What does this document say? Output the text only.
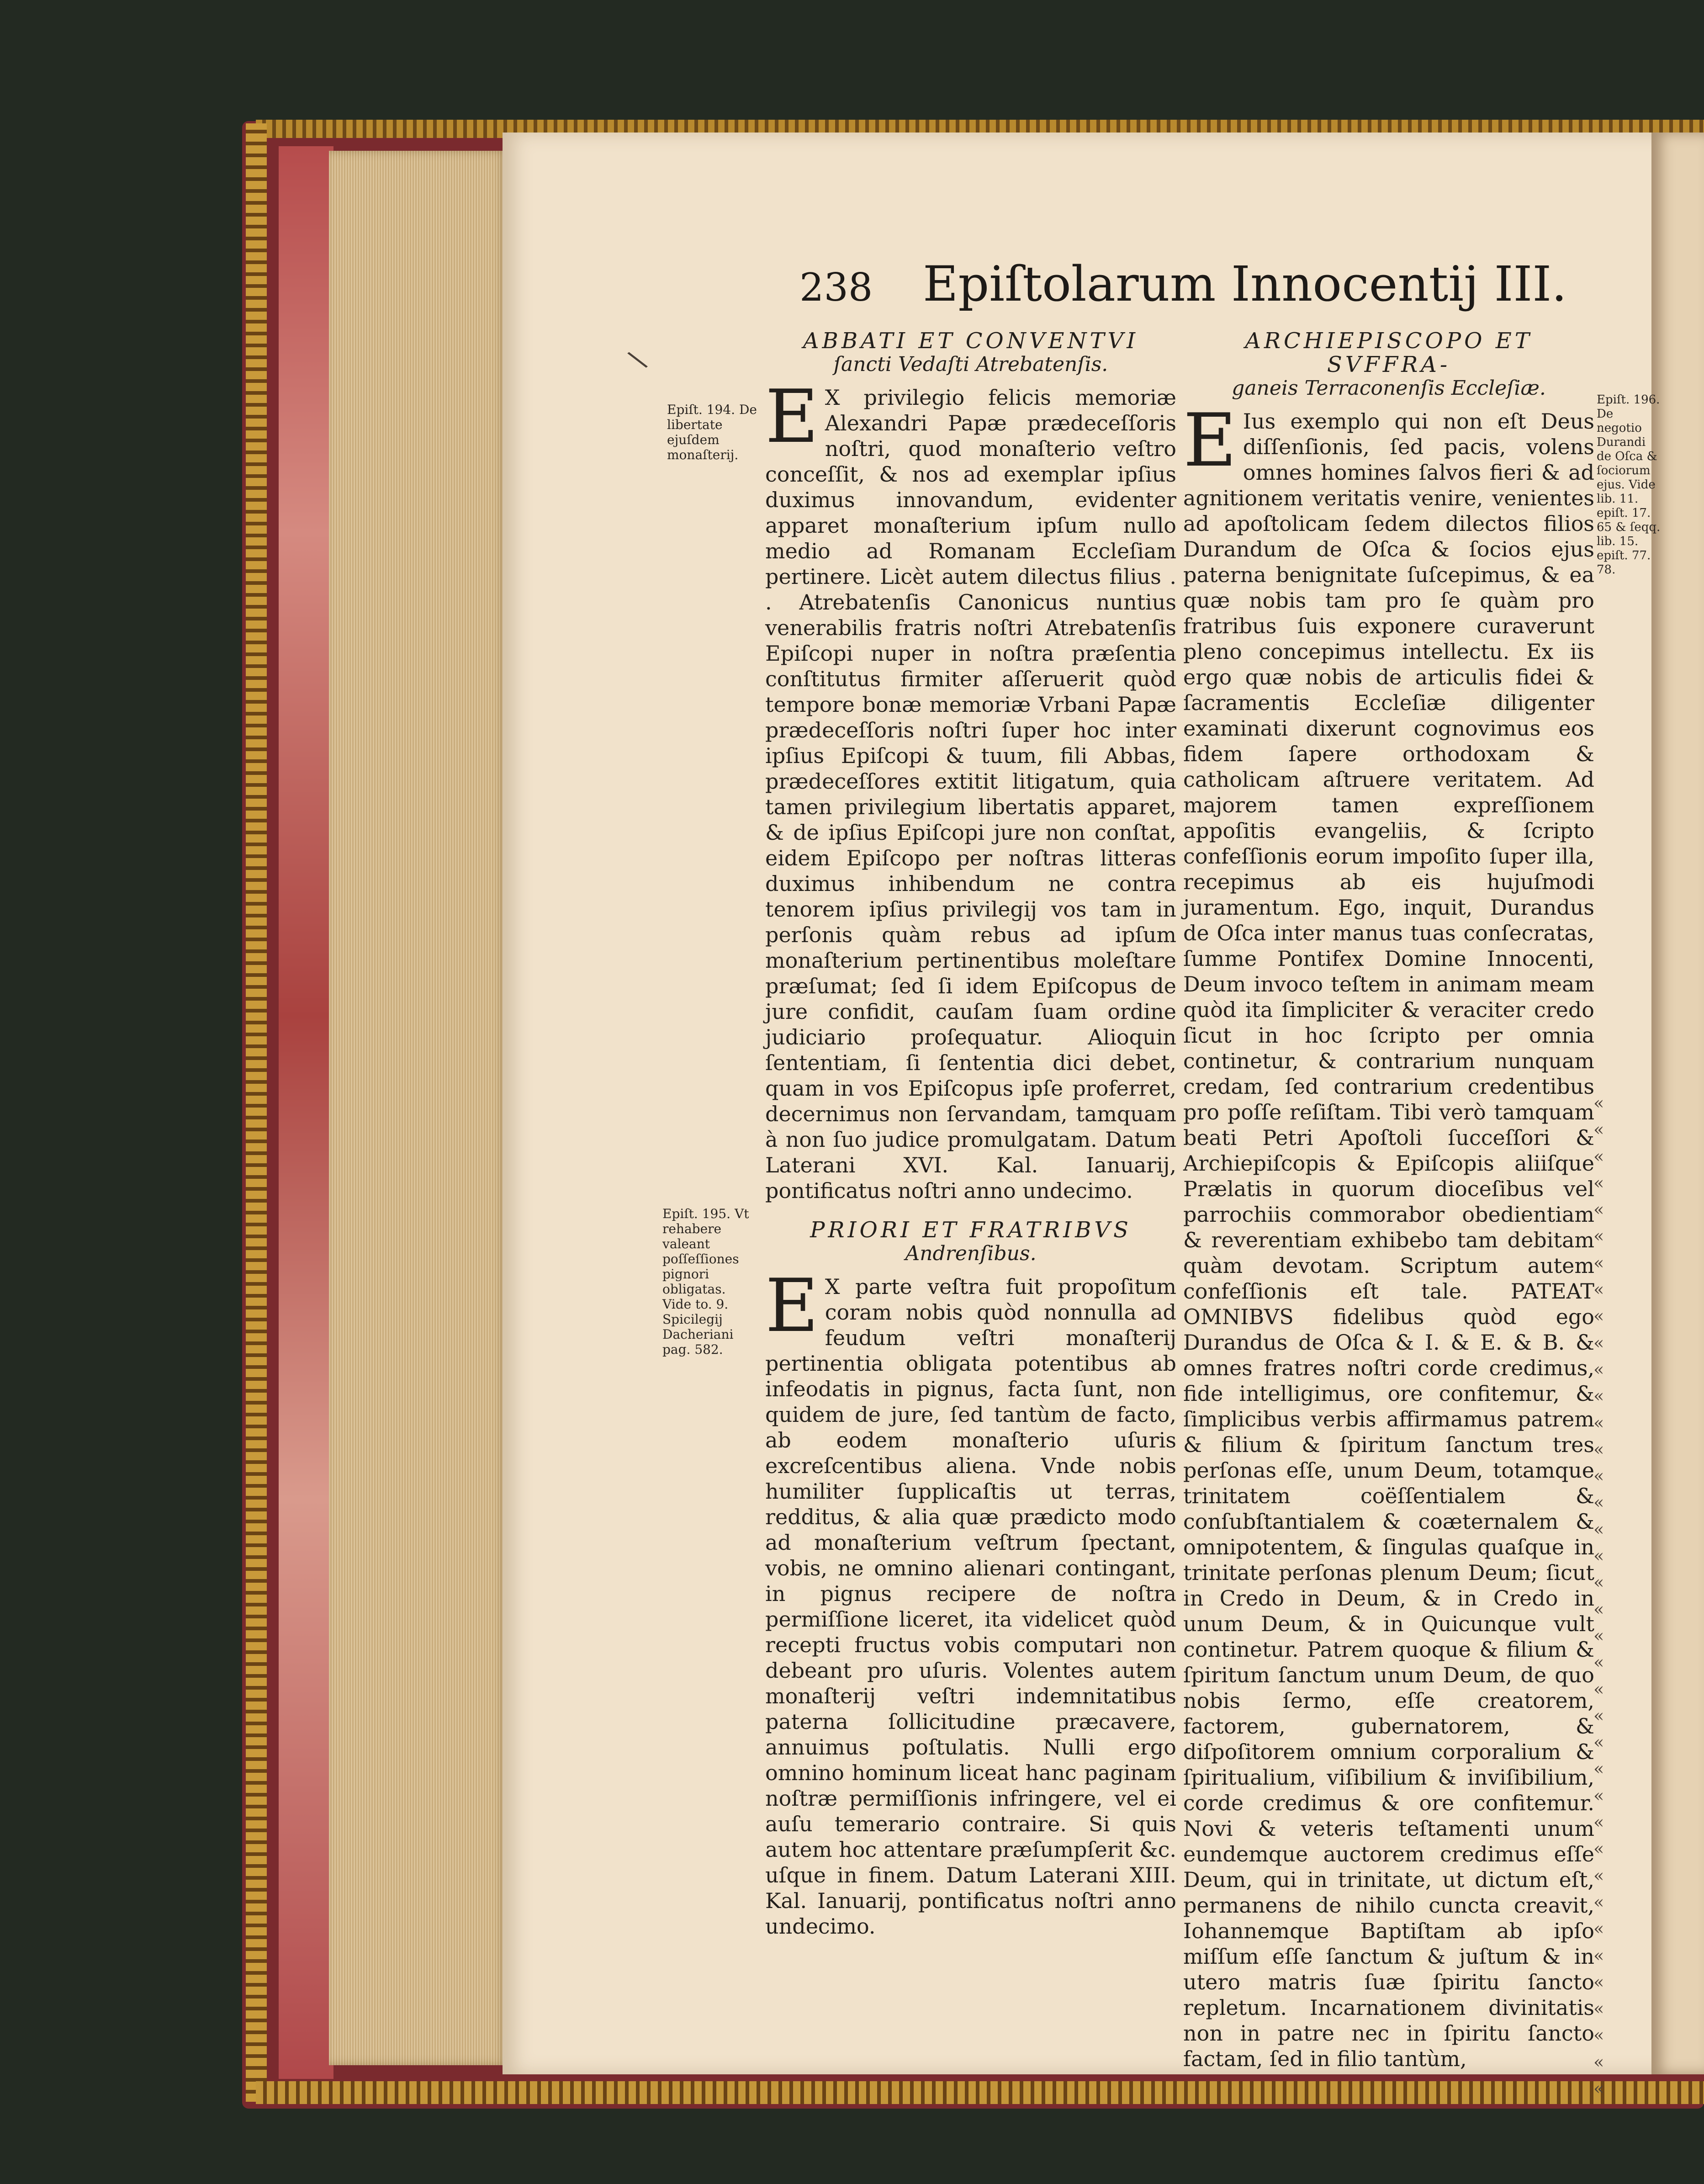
\
238 Epiſtolarum Innocentij III.
Epiſt. 194. De libertate ejuſdem monaſterij.
Epiſt. 195. Vt rehabere valeant poſſeſſiones pignori obligatas. Vide to. 9. Spicilegij Dacheriani pag. 582.
Epiſt. 196. De negotio Durandi de Oſca & ſociorum ejus. Vide lib. 11. epiſt. 17. 65 & ſeqq. lib. 15. epiſt. 77. 78.
ABBATI ET CONVENTVI
ſancti Vedaſti Atrebatenſis.

E X privilegio felicis memoriæ Alexandri Papæ prædeceſſoris noſtri, quod monaſterio veſtro conceſſit, & nos ad exemplar ipſius duximus innovandum, evidenter apparet monaſterium ipſum nullo medio ad Romanam Eccleſiam pertinere. Licèt autem dilectus filius . . Atrebatenſis Canonicus nuntius venerabilis fratris noſtri Atrebatenſis Epiſcopi nuper in noſtra præſentia conſtitutus firmiter aſſeruerit quòd tempore bonæ memoriæ Vrbani Papæ prædeceſſoris noſtri ſuper hoc inter ipſius Epiſcopi & tuum, fili Abbas, prædeceſſores extitit litigatum, quia tamen privilegium libertatis apparet, & de ipſius Epiſcopi jure non conſtat, eidem Epiſcopo per noſtras litteras duximus inhibendum ne contra tenorem ipſius privilegij vos tam in perſonis quàm rebus ad ipſum monaſterium pertinentibus moleſtare præſumat; ſed ſi idem Epiſcopus de jure confidit, cauſam ſuam ordine judiciario proſequatur. Alioquin ſententiam, ſi ſententia dici debet, quam in vos Epiſcopus ipſe proferret, decernimus non ſervandam, tamquam à non ſuo judice promulgatam. Datum Laterani XVI. Kal. Ianuarij, pontificatus noſtri anno undecimo.

PRIORI ET FRATRIBVS
Andrenſibus.

E X parte veſtra fuit propoſitum coram nobis quòd nonnulla ad feudum veſtri monaſterij pertinentia obligata potentibus ab infeodatis in pignus, facta ſunt, non quidem de jure, ſed tantùm de facto, ab eodem monaſterio uſuris excreſcentibus aliena. Vnde nobis humiliter ſupplicaſtis ut terras, redditus, & alia quæ prædicto modo ad monaſterium veſtrum ſpectant, vobis, ne omnino alienari contingant, in pignus recipere de noſtra permiſſione liceret, ita videlicet quòd recepti fructus vobis computari non debeant pro uſuris. Volentes autem monaſterij veſtri indemnitatibus paterna ſollicitudine præcavere, annuimus poſtulatis. Nulli ergo omnino hominum liceat hanc paginam noſtræ permiſſionis infringere, vel ei auſu temerario contraire. Si quis autem hoc attentare præſumpſerit &c. uſque in finem. Datum Laterani XIII. Kal. Ianuarij, pontificatus noſtri anno undecimo.

ARCHIEPISCOPO ET SVFFRA-
ganeis Terraconenſis Eccleſiæ.

E Ius exemplo qui non eſt Deus diſſenſionis, ſed pacis, volens omnes homines ſalvos fieri & ad agnitionem veritatis venire, venientes ad apoſtolicam ſedem dilectos filios Durandum de Oſca & ſocios ejus paterna benignitate ſuſcepimus, & ea quæ nobis tam pro ſe quàm pro fratribus ſuis exponere curaverunt pleno concepimus intellectu. Ex iis ergo quæ nobis de articulis fidei & ſacramentis Eccleſiæ diligenter examinati dixerunt cognovimus eos fidem ſapere orthodoxam & catholicam aſtruere veritatem. Ad majorem tamen expreſſionem appoſitis evangeliis, & ſcripto confeſſionis eorum impoſito ſuper illa, recepimus ab eis hujuſmodi juramentum. Ego, inquit, Durandus de Oſca inter manus tuas conſecratas, ſumme Pontifex Domine Innocenti, Deum invoco teſtem in animam meam quòd ita ſimpliciter & veraciter credo ſicut in hoc ſcripto per omnia continetur, & contrarium nunquam credam, ſed contrarium credentibus pro poſſe reſiſtam. Tibi verò tamquam beati Petri Apoſtoli ſucceſſori & Archiepiſcopis & Epiſcopis aliiſque Prælatis in quorum dioceſibus vel parrochiis commorabor obedientiam & reverentiam exhibebo tam debitam quàm devotam. Scriptum autem confeſſionis eſt tale. PATEAT OMNIBVS fidelibus quòd ego Durandus de Oſca & I. & E. & B. & omnes fratres noſtri corde credimus, fide intelligimus, ore confitemur, & ſimplicibus verbis affirmamus patrem & filium & ſpiritum ſanctum tres perſonas eſſe, unum Deum, totamque trinitatem coëſſentialem & conſubſtantialem & coæternalem & omnipotentem, & ſingulas quaſque in trinitate perſonas plenum Deum; ſicut in Credo in Deum, & in Credo in unum Deum, & in Quicunque vult continetur. Patrem quoque & filium & ſpiritum ſanctum unum Deum, de quo nobis ſermo, eſſe creatorem, factorem, gubernatorem, & diſpoſitorem omnium corporalium & ſpiritualium, viſibilium & inviſibilium, corde credimus & ore confitemur. Novi & veteris teſtamenti unum eundemque auctorem credimus eſſe Deum, qui in trinitate, ut dictum eſt, permanens de nihilo cuncta creavit, Iohannemque Baptiſtam ab ipſo miſſum eſſe ſanctum & juſtum & in utero matris ſuæ ſpiritu ſancto repletum. Incarnationem divinitatis non in patre nec in ſpiritu ſancto factam, ſed in filio tantùm,

« « « « « « « « « « « « « « « « « « « « « « « « « « « « « « « « « « « « « «
